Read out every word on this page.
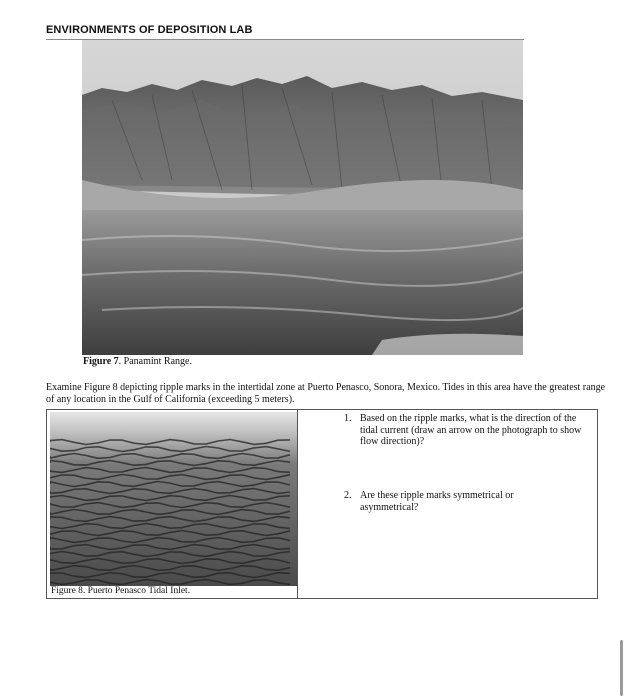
ENVIRONMENTS OF DEPOSITION LAB
Figure 7. Panamint Range.
Examine Figure 8 depicting ripple marks in the intertidal zone at Puerto Penasco, Sonora, Mexico. Tides in this area have the greatest range of any location in the Gulf of California (exceeding 5 meters).
Figure 8. Puerto Penasco Tidal Inlet.
1. Based on the ripple marks, what is the direction of the tidal current (draw an arrow on the photograph to show flow direction)?
2. Are these ripple marks symmetrical or asymmetrical?
